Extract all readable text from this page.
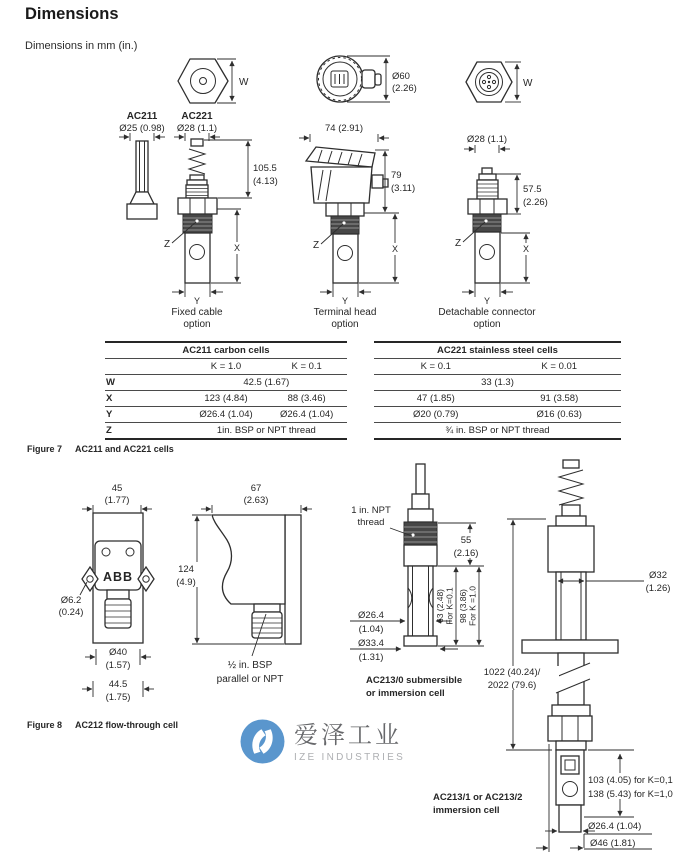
Dimensions
Dimensions in mm (in.)
W
Ø60
(2.26)	W
AC211
Ø25 (0.98)
AC221
Ø28 (1.1)
Z
Y
X
105.5
(4.13)
Fixed cable
option
74 (2.91)
Z
Y
79
(3.11)
X
Terminal head
option
Ø28 (1.1)
Z
Y
57.5
(2.26)
X
Detachable connector
option
45
(1.77)
ABB
Ø6.2
(0.24)
Ø40
(1.57)
44.5
(1.75)
67
(2.63)
124
(4.9)
½ in. BSP
parallel or NPT
1 in. NPT
thread
55
(2.16)
Ø26.4
(1.04)
Ø33.4
(1.31)
63 (2.48) For K=0.1 98 (3.86) For K =1.0
AC213/0 submersible
or immersion cell
Ø32
(1.26)
1022 (40.24)/
2022 (79.6)
103 (4.05) for K=0,1
138 (5.43) for K=1,0
Ø26.4 (1.04)
Ø46 (1.81)
AC213/1 or AC213/2
immersion cell
AC211 carbon cells		
	K = 1.0	K = 0.1
W	42.5 (1.67)	
X	123 (4.84)	88 (3.46)
Y	Ø26.4 (1.04)	Ø26.4 (1.04)
Z	1in. BSP or NPT thread	
AC221 stainless steel cells	
K = 0.1	K = 0.01
33 (1.3)	
47 (1.85)	91 (3.58)
Ø20 (0.79)	Ø16 (0.63)
¾ in. BSP or NPT thread	
Figure 7 AC211 and AC221 cells
Figure 8 AC212 flow-through cell	爱泽工业
IZE INDUSTRIES
